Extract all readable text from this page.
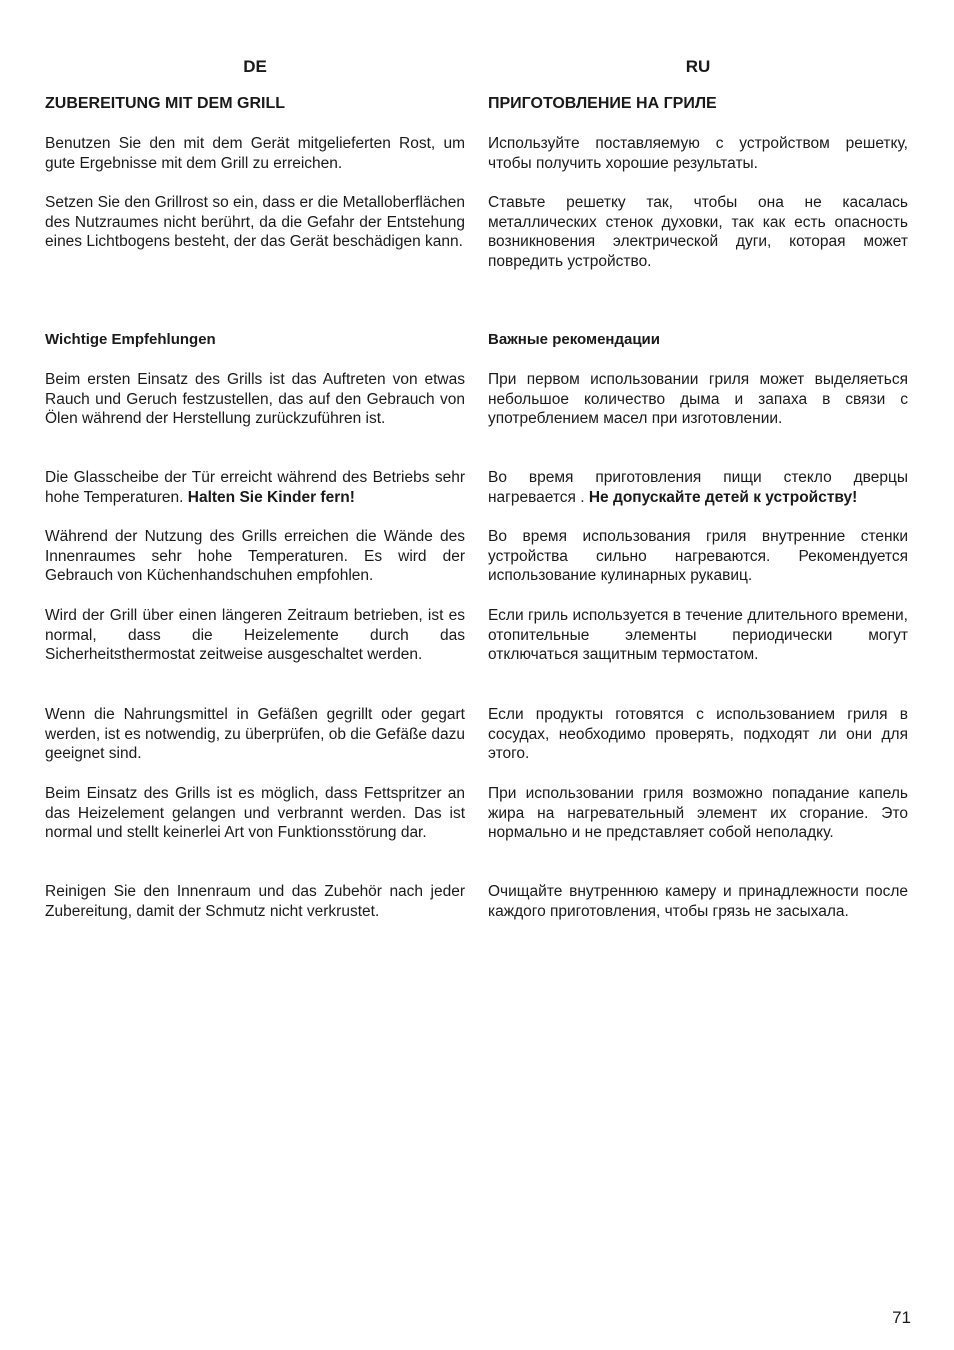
DE
ZUBEREITUNG MIT DEM GRILL

Benutzen Sie den mit dem Gerät mitgelieferten Rost, um gute Ergebnisse mit dem Grill zu erreichen.

Setzen Sie den Grillrost so ein, dass er die Metalloberflächen des Nutzraumes nicht berührt, da die Gefahr der Entstehung eines Lichtbogens besteht, der das Gerät beschädigen kann.

Wichtige Empfehlungen

Beim ersten Einsatz des Grills ist das Auftreten von etwas Rauch und Geruch festzustellen, das auf den Gebrauch von Ölen während der Herstellung zurückzuführen ist.

Die Glasscheibe der Tür erreicht während des Betriebs sehr hohe Temperaturen. Halten Sie Kinder fern!

Während der Nutzung des Grills erreichen die Wände des Innenraumes sehr hohe Temperaturen. Es wird der Gebrauch von Küchenhandschuhen empfohlen.

Wird der Grill über einen längeren Zeitraum betrieben, ist es normal, dass die Heizelemente durch das Sicherheitsthermostat zeitweise ausgeschaltet werden.

Wenn die Nahrungsmittel in Gefäßen gegrillt oder gegart werden, ist es notwendig, zu überprüfen, ob die Gefäße dazu geeignet sind.

Beim Einsatz des Grills ist es möglich, dass Fettspritzer an das Heizelement gelangen und verbrannt werden. Das ist normal und stellt keinerlei Art von Funktionsstörung dar.

Reinigen Sie den Innenraum und das Zubehör nach jeder Zubereitung, damit der Schmutz nicht verkrustet.

RU
ПРИГОТОВЛЕНИЕ НА ГРИЛЕ

Используйте поставляемую с устройством решетку, чтобы получить хорошие результаты.

Ставьте решетку так, чтобы она не касалась металлических стенок духовки, так как есть опасность возникновения электрической дуги, которая может повредить устройство.

Важные рекомендации

При первом использовании гриля может выделяеться небольшое количество дыма и запаха в связи с употреблением масел при изготовлении.

Во время приготовления пищи стекло дверцы нагревается . Не допускайте детей к устройству!

Во время использования гриля внутренние стенки устройства сильно нагреваются. Рекомендуется использование кулинарных рукавиц.

Если гриль используется в течение длительного времени, отопительные элементы периодически могут отключаться защитным термостатом.

Если продукты готовятся с использованием гриля в сосудах, необходимо проверять, подходят ли они для этого.

При использовании гриля возможно попадание капель жира на нагревательный элемент их сгорание. Это нормально и не представляет собой неполадку.

Очищайте внутреннюю камеру и принадлежности после каждого приготовления, чтобы грязь не засыхала.

71
